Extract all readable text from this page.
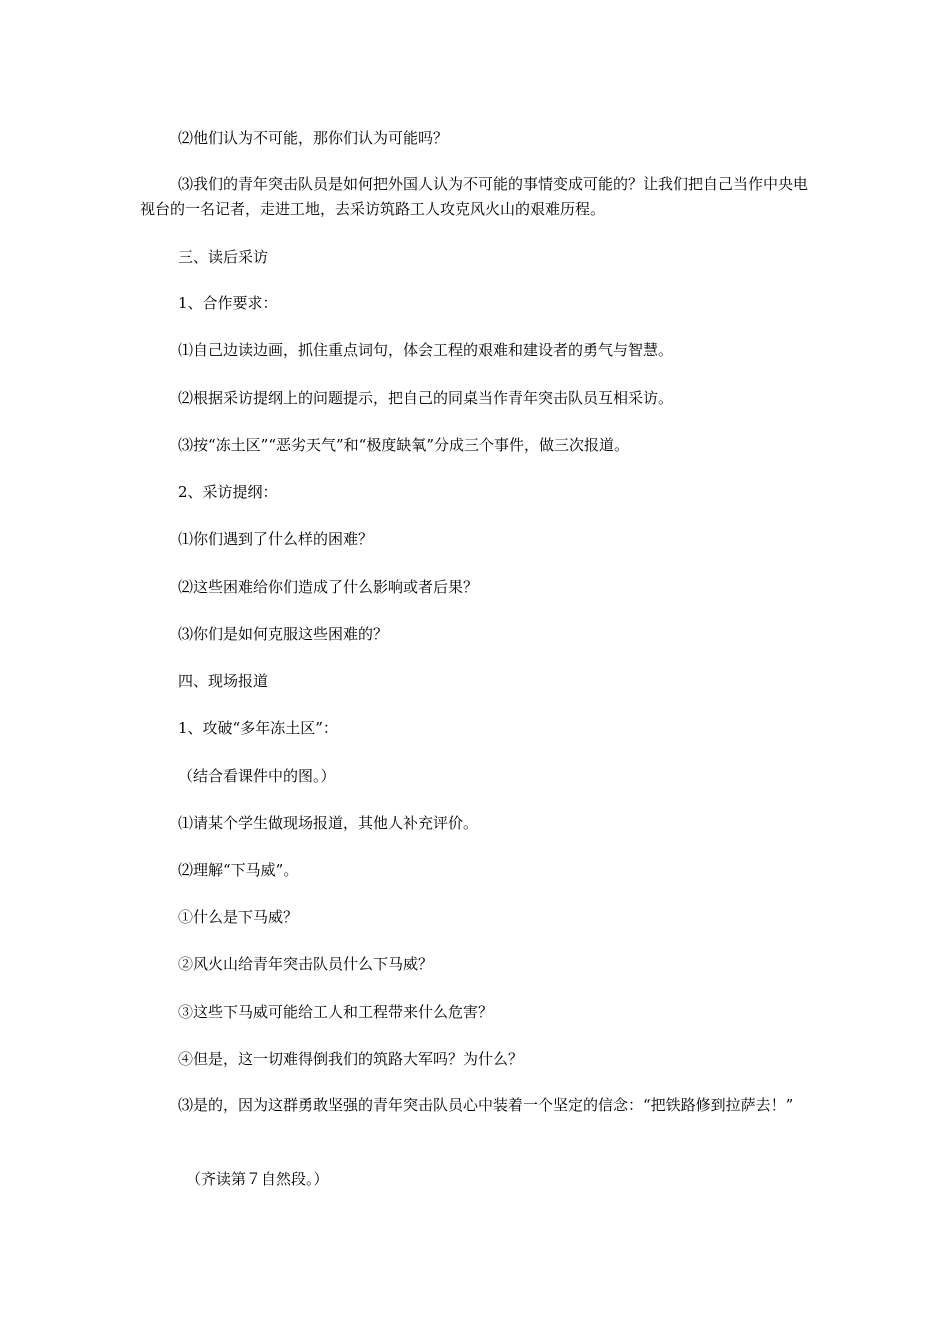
⑵他们认为不可能，那你们认为可能吗？

⑶我们的青年突击队员是如何把外国人认为不可能的事情变成可能的？让我们把自己当作中央电视台的一名记者，走进工地，去采访筑路工人攻克风火山的艰难历程。

三、读后采访

1、合作要求：

⑴自己边读边画，抓住重点词句，体会工程的艰难和建设者的勇气与智慧。

⑵根据采访提纲上的问题提示，把自己的同桌当作青年突击队员互相采访。

⑶按“冻土区”“恶劣天气”和“极度缺氧”分成三个事件，做三次报道。

2、采访提纲：

⑴你们遇到了什么样的困难？

⑵这些困难给你们造成了什么影响或者后果？

⑶你们是如何克服这些困难的？

四、现场报道

1、攻破“多年冻土区”：

（结合看课件中的图。）

⑴请某个学生做现场报道，其他人补充评价。

⑵理解“下马威”。

①什么是下马威？

②风火山给青年突击队员什么下马威？

③这些下马威可能给工人和工程带来什么危害？

④但是，这一切难得倒我们的筑路大军吗？为什么？

⑶是的，因为这群勇敢坚强的青年突击队员心中装着一个坚定的信念：“把铁路修到拉萨去！”

（齐读第７自然段。）
